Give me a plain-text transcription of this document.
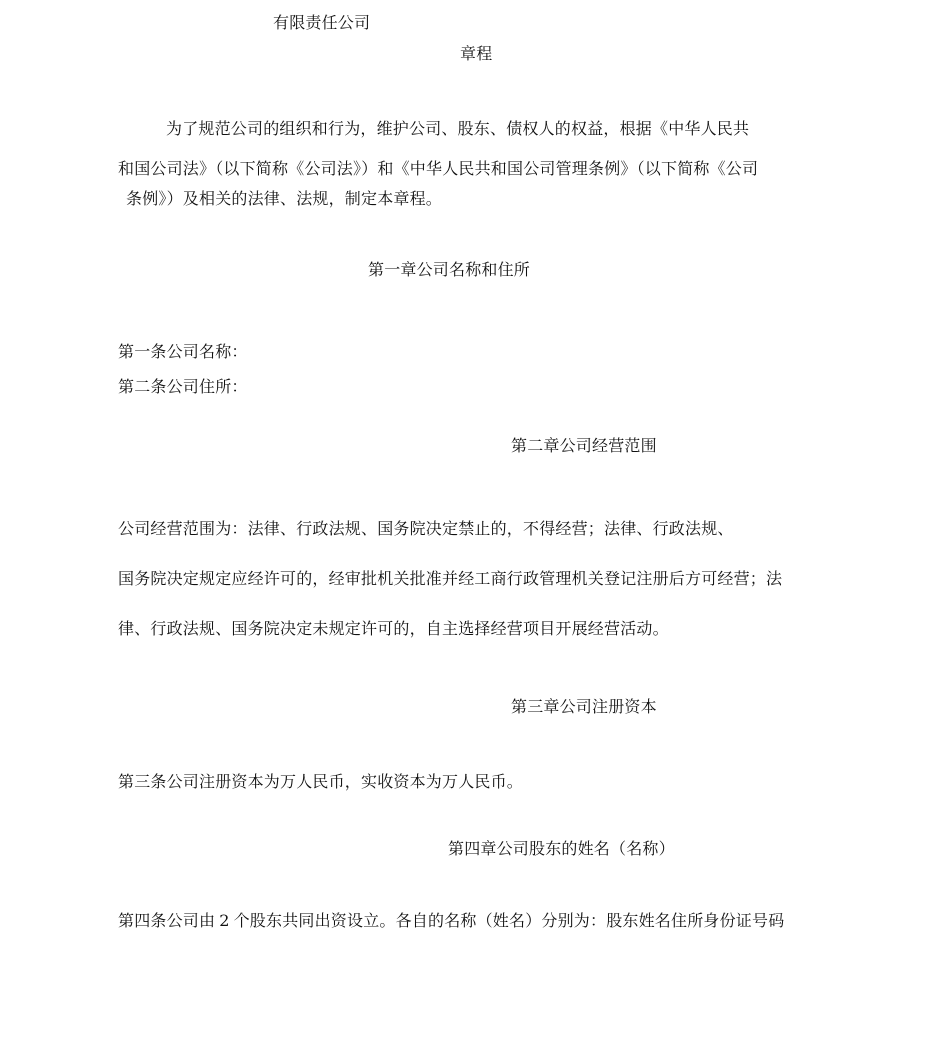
有限责任公司
章程
为了规范公司的组织和行为，维护公司、股东、债权人的权益，根据《中华人民共
和国公司法》（以下简称《公司法》）和《中华人民共和国公司管理条例》（以下简称《公司
条例》）及相关的法律、法规，制定本章程。
第一章公司名称和住所
第一条公司名称：
第二条公司住所：
第二章公司经营范围
公司经营范围为：法律、行政法规、国务院决定禁止的，不得经营；法律、行政法规、
国务院决定规定应经许可的，经审批机关批准并经工商行政管理机关登记注册后方可经营；法
律、行政法规、国务院决定未规定许可的，自主选择经营项目开展经营活动。
第三章公司注册资本
第三条公司注册资本为万人民币，实收资本为万人民币。
第四章公司股东的姓名（名称）
第四条公司由 2 个股东共同出资设立。各自的名称（姓名）分别为：股东姓名住所身份证号码
